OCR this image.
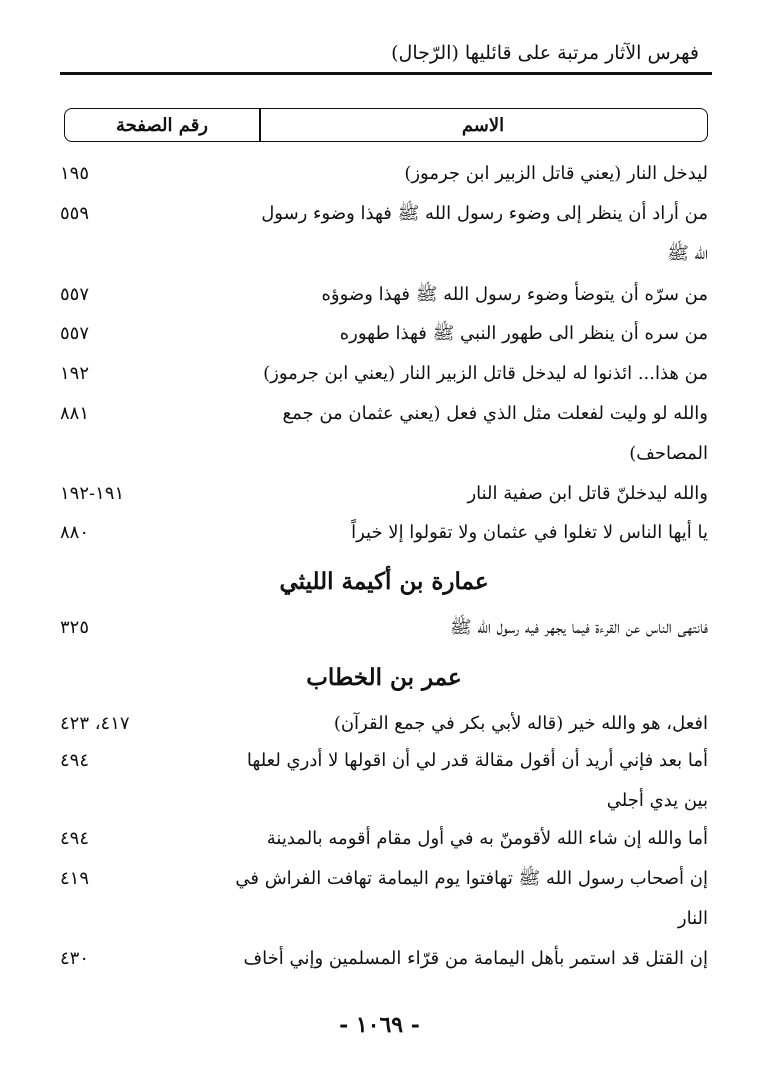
فهرس الآثار مرتبة على قائليها (الرّجال)
الاسم
رقم الصفحة
ليدخل النار (يعني قاتل الزبير ابن جرموز)
١٩٥
من أراد أن ينظر إلى وضوء رسول الله ﷺ فهذا وضوء رسول
٥٥٩
الله ﷺ
من سرّه أن يتوضأ وضوء رسول الله ﷺ فهذا وضوؤه
٥٥٧
من سره أن ينظر الى طهور النبي ﷺ فهذا طهوره
٥٥٧
من هذا... ائذنوا له ليدخل قاتل الزبير النار (يعني ابن جرموز)
١٩٢
والله لو وليت لفعلت مثل الذي فعل (يعني عثمان من جمع
٨٨١
المصاحف)
والله ليدخلنّ قاتل ابن صفية النار
١٩١-١٩٢
يا أيها الناس لا تغلوا في عثمان ولا تقولوا إلا خيراً
٨٨٠
عمارة بن أكيمة الليثي
فانتهى الناس عن القرءة فيما يجهر فيه رسول الله ﷺ
٣٢٥
عمر بن الخطاب
افعل، هو والله خير (قاله لأبي بكر في جمع القرآن)
٤١٧، ٤٢٣
أما بعد فإني أريد أن أقول مقالة قدر لي أن اقولها لا أدري لعلها
٤٩٤
بين يدي أجلي
أما والله إن شاء الله لأقومنّ به في أول مقام أقومه بالمدينة
٤٩٤
إن أصحاب رسول الله ﷺ تهافتوا يوم اليمامة تهافت الفراش في
٤١٩
النار
إن القتل قد استمر بأهل اليمامة من قرّاء المسلمين وإني أخاف
٤٣٠
- ١٠٦٩ -
